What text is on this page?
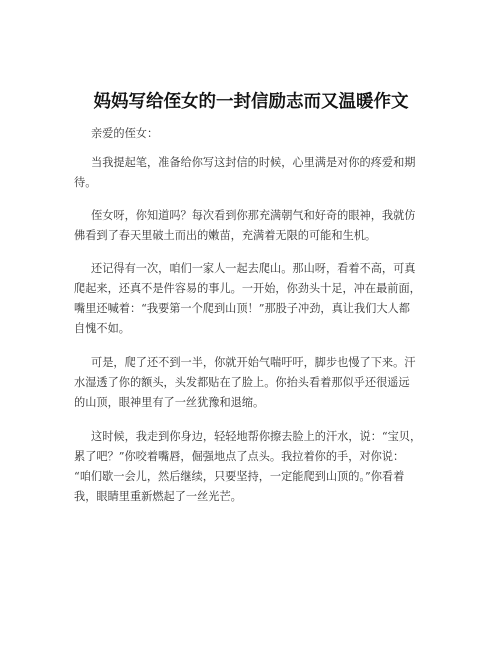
妈妈写给侄女的一封信励志而又温暖作文

亲爱的侄女：

当我提起笔，准备给你写这封信的时候，心里满是对你的疼爱和期
待。

侄女呀，你知道吗？每次看到你那充满朝气和好奇的眼神，我就仿
佛看到了春天里破土而出的嫩苗，充满着无限的可能和生机。

还记得有一次，咱们一家人一起去爬山。那山呀，看着不高，可真
爬起来，还真不是件容易的事儿。一开始，你劲头十足，冲在最前面，
嘴里还喊着：“我要第一个爬到山顶！”那股子冲劲，真让我们大人都
自愧不如。

可是，爬了还不到一半，你就开始气喘吁吁，脚步也慢了下来。汗
水湿透了你的额头，头发都贴在了脸上。你抬头看着那似乎还很遥远
的山顶，眼神里有了一丝犹豫和退缩。

这时候，我走到你身边，轻轻地帮你擦去脸上的汗水，说：“宝贝，
累了吧？”你咬着嘴唇，倔强地点了点头。我拉着你的手，对你说：
“咱们歇一会儿，然后继续，只要坚持，一定能爬到山顶的。”你看着
我，眼睛里重新燃起了一丝光芒。
